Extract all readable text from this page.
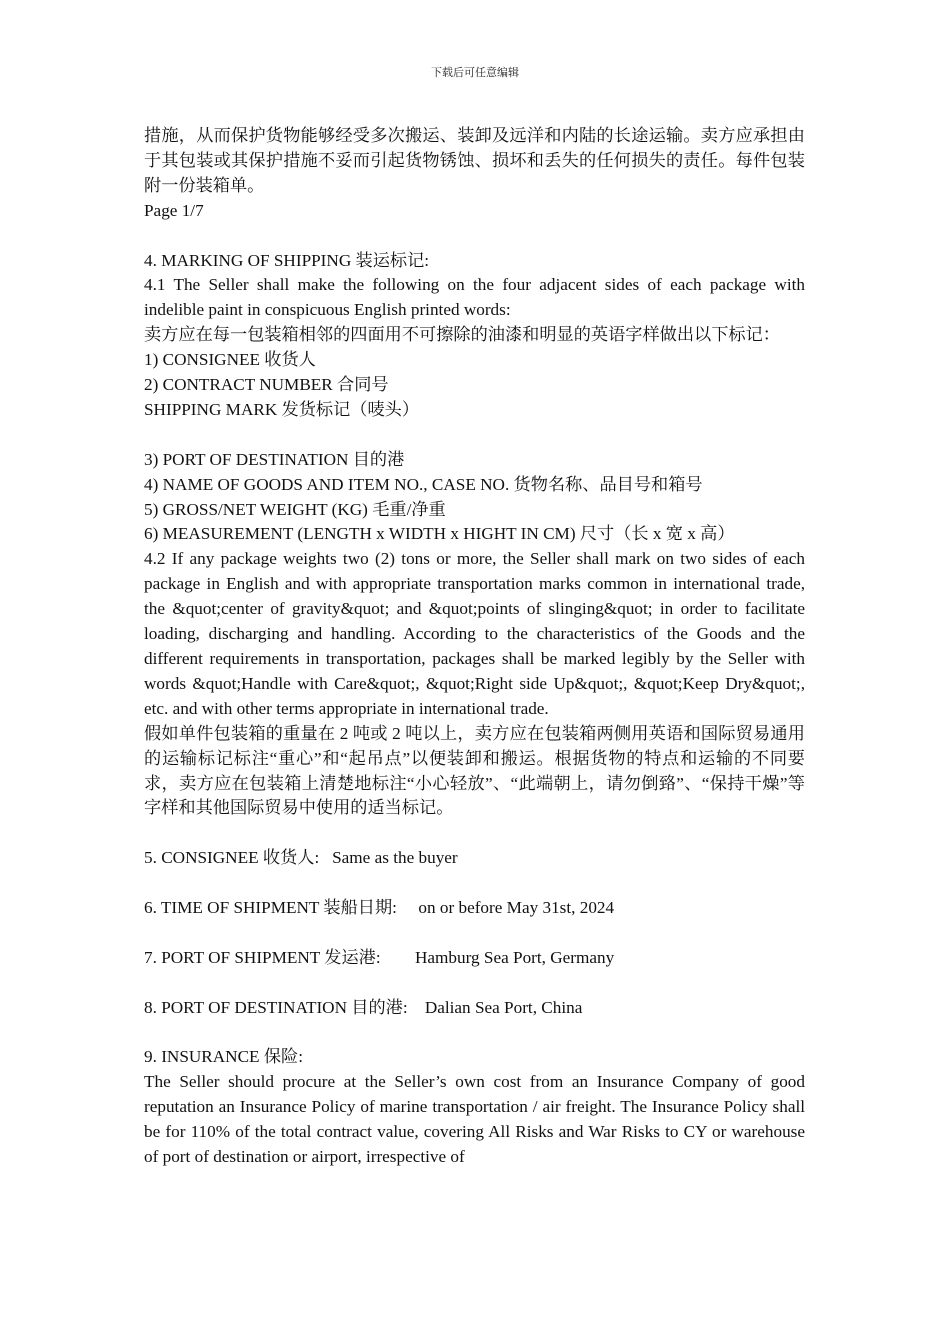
下载后可任意编辑

措施，从而保护货物能够经受多次搬运、装卸及远洋和内陆的长途运输。卖方应承担由于其包装或其保护措施不妥而引起货物锈蚀、损坏和丢失的任何损失的责任。每件包装附一份装箱单。

Page 1/7

4. MARKING OF SHIPPING 装运标记:

4.1 The Seller shall make the following on the four adjacent sides of each package with indelible paint in conspicuous English printed words:

卖方应在每一包装箱相邻的四面用不可擦除的油漆和明显的英语字样做出以下标记：

1) CONSIGNEE 收货人

2) CONTRACT NUMBER 合同号

SHIPPING MARK 发货标记（唛头）

3) PORT OF DESTINATION 目的港

4) NAME OF GOODS AND ITEM NO., CASE NO. 货物名称、品目号和箱号

5) GROSS/NET WEIGHT (KG) 毛重/净重

6) MEASUREMENT (LENGTH x WIDTH x HIGHT IN CM) 尺寸（长 x 宽 x 高）

4.2 If any package weights two (2) tons or more, the Seller shall mark on two sides of each package in English and with appropriate transportation marks common in international trade, the &quot;center of gravity&quot; and &quot;points of slinging&quot; in order to facilitate loading, discharging and handling. According to the characteristics of the Goods and the different requirements in transportation, packages shall be marked legibly by the Seller with words &quot;Handle with Care&quot;, &quot;Right side Up&quot;, &quot;Keep Dry&quot;, etc. and with other terms appropriate in international trade.

假如单件包装箱的重量在 2 吨或 2 吨以上，卖方应在包装箱两侧用英语和国际贸易通用的运输标记标注“重心”和“起吊点”以便装卸和搬运。根据货物的特点和运输的不同要求，卖方应在包装箱上清楚地标注“小心轻放”、“此端朝上，请勿倒臵”、“保持干燥”等字样和其他国际贸易中使用的适当标记。

5. CONSIGNEE 收货人: Same as the buyer

6. TIME OF SHIPMENT 装船日期: on or before May 31st, 2024

7. PORT OF SHIPMENT 发运港: Hamburg Sea Port, Germany

8. PORT OF DESTINATION 目的港: Dalian Sea Port, China

9. INSURANCE 保险:

The Seller should procure at the Seller’s own cost from an Insurance Company of good reputation an Insurance Policy of marine transportation / air freight. The Insurance Policy shall be for 110% of the total contract value, covering All Risks and War Risks to CY or warehouse of port of destination or airport, irrespective of
